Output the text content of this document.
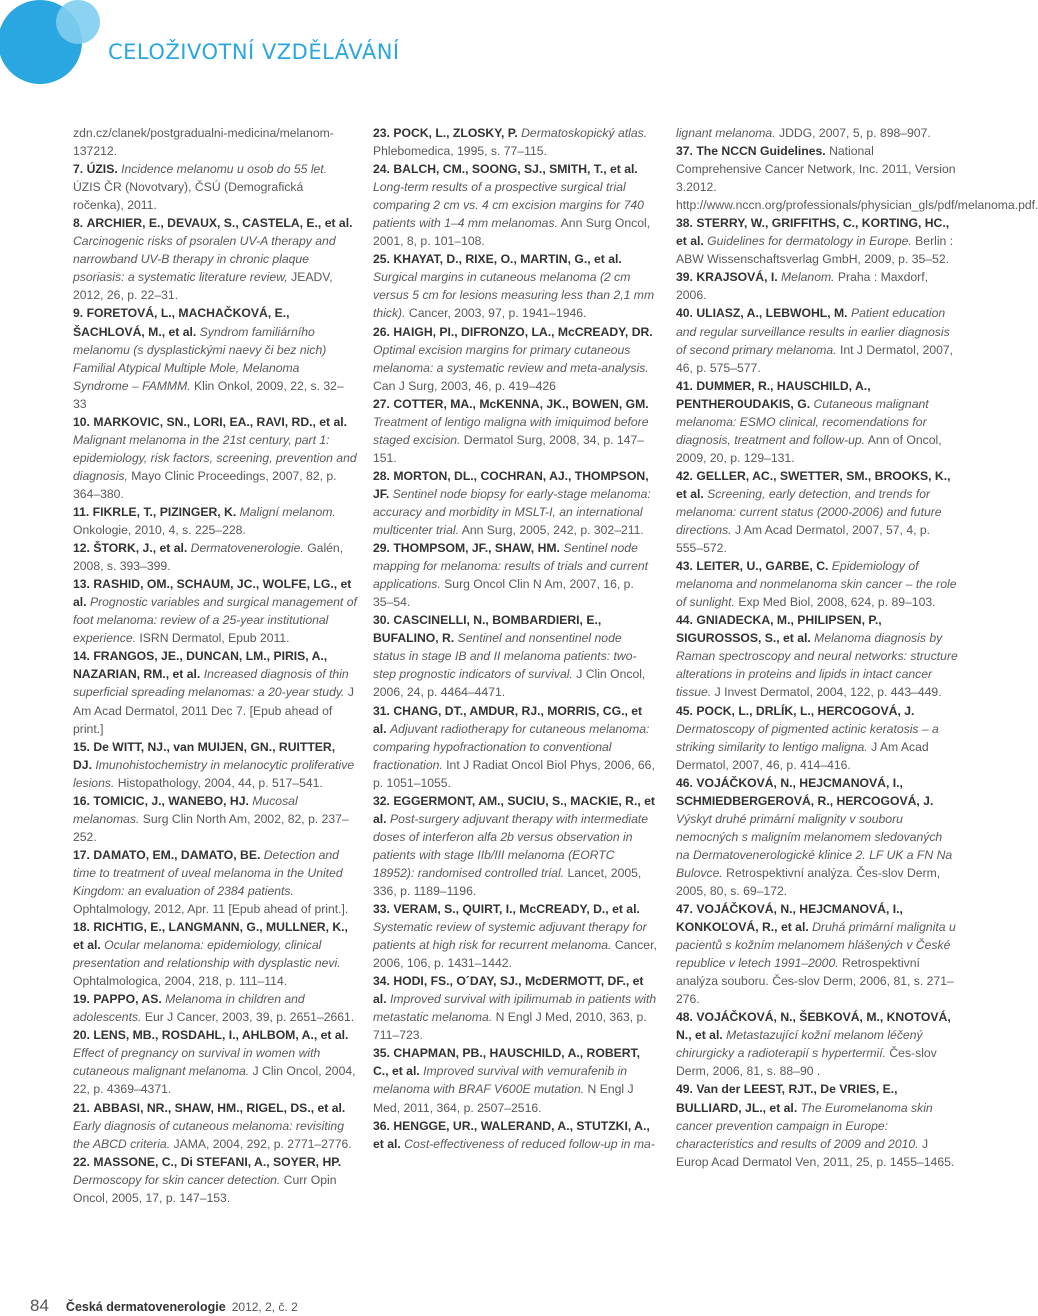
CELOŽIVOTNÍ VZDĚLÁVÁNÍ

zdn.cz/clanek/postgradualni-medicina/melanom-137212.

7. ÚZIS. Incidence melanomu u osob do 55 let. ÚZIS ČR (Novotvary), ČSÚ (Demografická ročenka), 2011.

8. ARCHIER, E., DEVAUX, S., CASTELA, E., et al. Carcinogenic risks of psoralen UV-A therapy and narrowband UV-B therapy in chronic plaque psoriasis: a systematic literature review, JEADV, 2012, 26, p. 22–31.

9. FORETOVÁ, L., MACHAČKOVÁ, E., ŠACHLOVÁ, M., et al. Syndrom familiárního melanomu (s dysplastickými naevy či bez nich) Familial Atypical Multiple Mole, Melanoma Syndrome – FAMMM. Klin Onkol, 2009, 22, s. 32– 33

10. MARKOVIC, SN., LORI, EA., RAVI, RD., et al. Malignant melanoma in the 21st century, part 1: epidemiology, risk factors, screening, prevention and diagnosis, Mayo Clinic Proceedings, 2007, 82, p. 364–380.

11. FIKRLE, T., PIZINGER, K. Maligní melanom. Onkologie, 2010, 4, s. 225–228.

12. ŠTORK, J., et al. Dermatovenerologie. Galén, 2008, s. 393–399.

13. RASHID, OM., SCHAUM, JC., WOLFE, LG., et al. Prognostic variables and surgical management of foot melanoma: review of a 25-year institutional experience. ISRN Dermatol, Epub 2011.

14. FRANGOS, JE., DUNCAN, LM., PIRIS, A., NAZARIAN, RM., et al. Increased diagnosis of thin superficial spreading melanomas: a 20-year study. J Am Acad Dermatol, 2011 Dec 7. [Epub ahead of print.]

15. De WITT, NJ., van MUIJEN, GN., RUITTER, DJ. Imunohistochemistry in melanocytic proliferative lesions. Histopathology, 2004, 44, p. 517–541.

16. TOMICIC, J., WANEBO, HJ. Mucosal melanomas. Surg Clin North Am, 2002, 82, p. 237–252.

17. DAMATO, EM., DAMATO, BE. Detection and time to treatment of uveal melanoma in the United Kingdom: an evaluation of 2384 patients. Ophtalmology, 2012, Apr. 11 [Epub ahead of print.].

18. RICHTIG, E., LANGMANN, G., MULLNER, K., et al. Ocular melanoma: epidemiology, clinical presentation and relationship with dysplastic nevi. Ophtalmologica, 2004, 218, p. 111–114.

19. PAPPO, AS. Melanoma in children and adolescents. Eur J Cancer, 2003, 39, p. 2651–2661.

20. LENS, MB., ROSDAHL, I., AHLBOM, A., et al. Effect of pregnancy on survival in women with cutaneous malignant melanoma. J Clin Oncol, 2004, 22, p. 4369–4371.

21. ABBASI, NR., SHAW, HM., RIGEL, DS., et al. Early diagnosis of cutaneous melanoma: revisiting the ABCD criteria. JAMA, 2004, 292, p. 2771–2776.

22. MASSONE, C., Di STEFANI, A., SOYER, HP. Dermoscopy for skin cancer detection. Curr Opin Oncol, 2005, 17, p. 147–153.

23. POCK, L., ZLOSKY, P. Dermatoskopický atlas. Phlebomedica, 1995, s. 77–115.

24. BALCH, CM., SOONG, SJ., SMITH, T., et al. Long-term results of a prospective surgical trial comparing 2 cm vs. 4 cm excision margins for 740 patients with 1–4 mm melanomas. Ann Surg Oncol, 2001, 8, p. 101–108.

25. KHAYAT, D., RIXE, O., MARTIN, G., et al. Surgical margins in cutaneous melanoma (2 cm versus 5 cm for lesions measuring less than 2,1 mm thick). Cancer, 2003, 97, p. 1941–1946.

26. HAIGH, PI., DIFRONZO, LA., McCREADY, DR. Optimal excision margins for primary cutaneous melanoma: a systematic review and meta-analysis. Can J Surg, 2003, 46, p. 419–426

27. COTTER, MA., McKENNA, JK., BOWEN, GM. Treatment of lentigo maligna with imiquimod before staged excision. Dermatol Surg, 2008, 34, p. 147–151.

28. MORTON, DL., COCHRAN, AJ., THOMPSON, JF. Sentinel node biopsy for early-stage melanoma: accuracy and morbidity in MSLT-I, an international multicenter trial. Ann Surg, 2005, 242, p. 302–211.

29. THOMPSOM, JF., SHAW, HM. Sentinel node mapping for melanoma: results of trials and current applications. Surg Oncol Clin N Am, 2007, 16, p. 35–54.

30. CASCINELLI, N., BOMBARDIERI, E., BUFALINO, R. Sentinel and nonsentinel node status in stage IB and II melanoma patients: two-step prognostic indicators of survival. J Clin Oncol, 2006, 24, p. 4464–4471.

31. CHANG, DT., AMDUR, RJ., MORRIS, CG., et al. Adjuvant radiotherapy for cutaneous melanoma: comparing hypofractionation to conventional fractionation. Int J Radiat Oncol Biol Phys, 2006, 66, p. 1051–1055.

32. EGGERMONT, AM., SUCIU, S., MACKIE, R., et al. Post-surgery adjuvant therapy with intermediate doses of interferon alfa 2b versus observation in patients with stage IIb/III melanoma (EORTC 18952): randomised controlled trial. Lancet, 2005, 336, p. 1189–1196.

33. VERAM, S., QUIRT, I., McCREADY, D., et al. Systematic review of systemic adjuvant therapy for patients at high risk for recurrent melanoma. Cancer, 2006, 106, p. 1431–1442.

34. HODI, FS., O´DAY, SJ., McDERMOTT, DF., et al. Improved survival with ipilimumab in patients with metastatic melanoma. N Engl J Med, 2010, 363, p. 711–723.

35. CHAPMAN, PB., HAUSCHILD, A., ROBERT, C., et al. Improved survival with vemurafenib in melanoma with BRAF V600E mutation. N Engl J Med, 2011, 364, p. 2507–2516.

36. HENGGE, UR., WALERAND, A., STUTZKI, A., et al. Cost-effectiveness of reduced follow-up in ma-

lignant melanoma. JDDG, 2007, 5, p. 898–907.

37. The NCCN Guidelines. National Comprehensive Cancer Network, Inc. 2011, Version 3.2012. http://www.nccn.org/professionals/physician_gls/pdf/melanoma.pdf.

38. STERRY, W., GRIFFITHS, C., KORTING, HC., et al. Guidelines for dermatology in Europe. Berlin : ABW Wissenschaftsverlag GmbH, 2009, p. 35–52.

39. KRAJSOVÁ, I. Melanom. Praha : Maxdorf, 2006.

40. ULIASZ, A., LEBWOHL, M. Patient education and regular surveillance results in earlier diagnosis of second primary melanoma. Int J Dermatol, 2007, 46, p. 575–577.

41. DUMMER, R., HAUSCHILD, A., PENTHEROUDAKIS, G. Cutaneous malignant melanoma: ESMO clinical, recomendations for diagnosis, treatment and follow-up. Ann of Oncol, 2009, 20, p. 129–131.

42. GELLER, AC., SWETTER, SM., BROOKS, K., et al. Screening, early detection, and trends for melanoma: current status (2000-2006) and future directions. J Am Acad Dermatol, 2007, 57, 4, p. 555–572.

43. LEITER, U., GARBE, C. Epidemiology of melanoma and nonmelanoma skin cancer – the role of sunlight. Exp Med Biol, 2008, 624, p. 89–103.

44. GNIADECKA, M., PHILIPSEN, P., SIGUROSSOS, S., et al. Melanoma diagnosis by Raman spectroscopy and neural networks: structure alterations in proteins and lipids in intact cancer tissue. J Invest Dermatol, 2004, 122, p. 443–449.

45. POCK, L., DRLÍK, L., HERCOGOVÁ, J. Dermatoscopy of pigmented actinic keratosis – a striking similarity to lentigo maligna. J Am Acad Dermatol, 2007, 46, p. 414–416.

46. VOJÁČKOVÁ, N., HEJCMANOVÁ, I., SCHMIEDBERGEROVÁ, R., HERCOGOVÁ, J. Výskyt druhé primární malignity v souboru nemocných s maligním melanomem sledovaných na Dermatovenerologické klinice 2. LF UK a FN Na Bulovce. Retrospektivní analýza. Čes-slov Derm, 2005, 80, s. 69–172.

47. VOJÁČKOVÁ, N., HEJCMANOVÁ, I., KONKOĽOVÁ, R., et al. Druhá primární malignita u pacientů s kožním melanomem hlášených v České republice v letech 1991–2000. Retrospektivní analýza souboru. Čes-slov Derm, 2006, 81, s. 271–276.

48. VOJÁČKOVÁ, N., ŠEBKOVÁ, M., KNOTOVÁ, N., et al. Metastazující kožní melanom léčený chirurgicky a radioterapií s hypertermií. Čes-slov Derm, 2006, 81, s. 88–90 .

49. Van der LEEST, RJT., De VRIES, E., BULLIARD, JL., et al. The Euromelanoma skin cancer prevention campaign in Europe: characteristics and results of 2009 and 2010. J Europ Acad Dermatol Ven, 2011, 25, p. 1455–1465.

84 Česká dermatovenerologie 2012, 2, č. 2
